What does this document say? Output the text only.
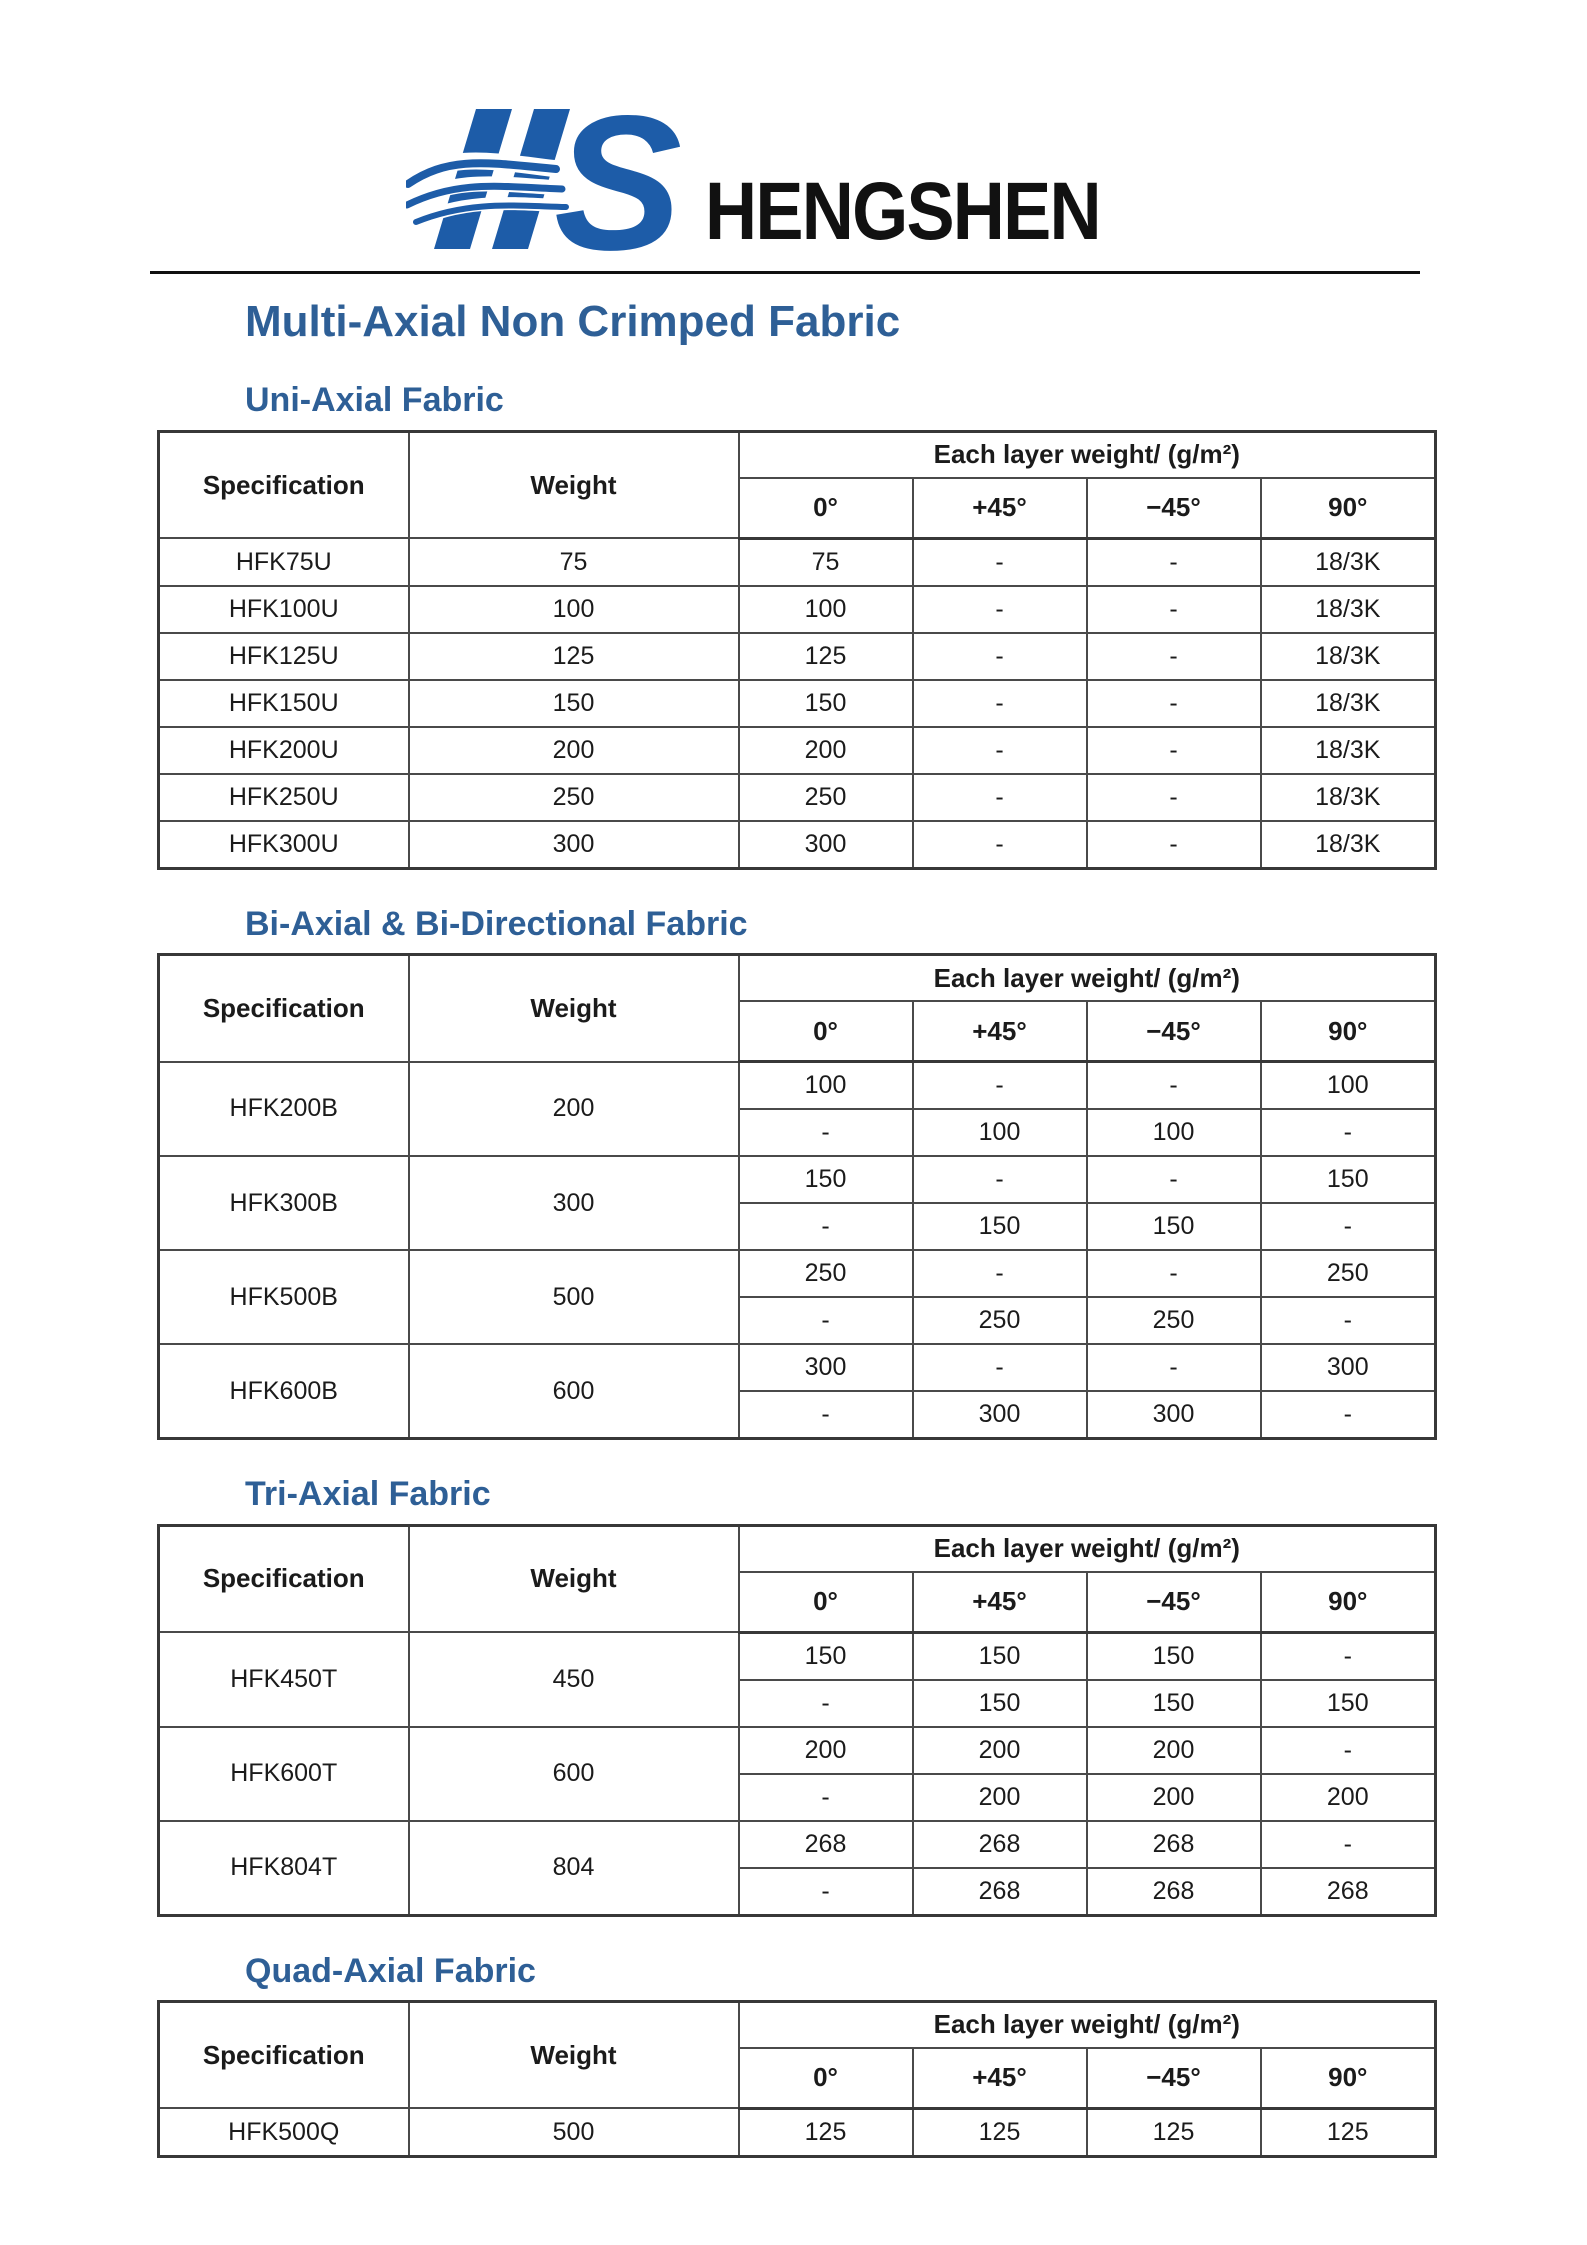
S HENGSHEN
Multi-Axial Non Crimped Fabric
Uni-Axial Fabric
Specification	Weight	Each layer weight/ (g/m²)			
		0°	+45°	−45°	90°
HFK75U	75	75	-	-	18/3K
HFK100U	100	100	-	-	18/3K
HFK125U	125	125	-	-	18/3K
HFK150U	150	150	-	-	18/3K
HFK200U	200	200	-	-	18/3K
HFK250U	250	250	-	-	18/3K
HFK300U	300	300	-	-	18/3K
Bi-Axial & Bi-Directional Fabric
Specification	Weight	Each layer weight/ (g/m²)			
		0°	+45°	−45°	90°
HFK200B	200	100	-	-	100
		-	100	100	-
HFK300B	300	150	-	-	150
		-	150	150	-
HFK500B	500	250	-	-	250
		-	250	250	-
HFK600B	600	300	-	-	300
		-	300	300	-
Tri-Axial Fabric
Specification	Weight	Each layer weight/ (g/m²)			
		0°	+45°	−45°	90°
HFK450T	450	150	150	150	-
		-	150	150	150
HFK600T	600	200	200	200	-
		-	200	200	200
HFK804T	804	268	268	268	-
		-	268	268	268
Quad-Axial Fabric
Specification	Weight	Each layer weight/ (g/m²)			
		0°	+45°	−45°	90°
HFK500Q	500	125	125	125	125
